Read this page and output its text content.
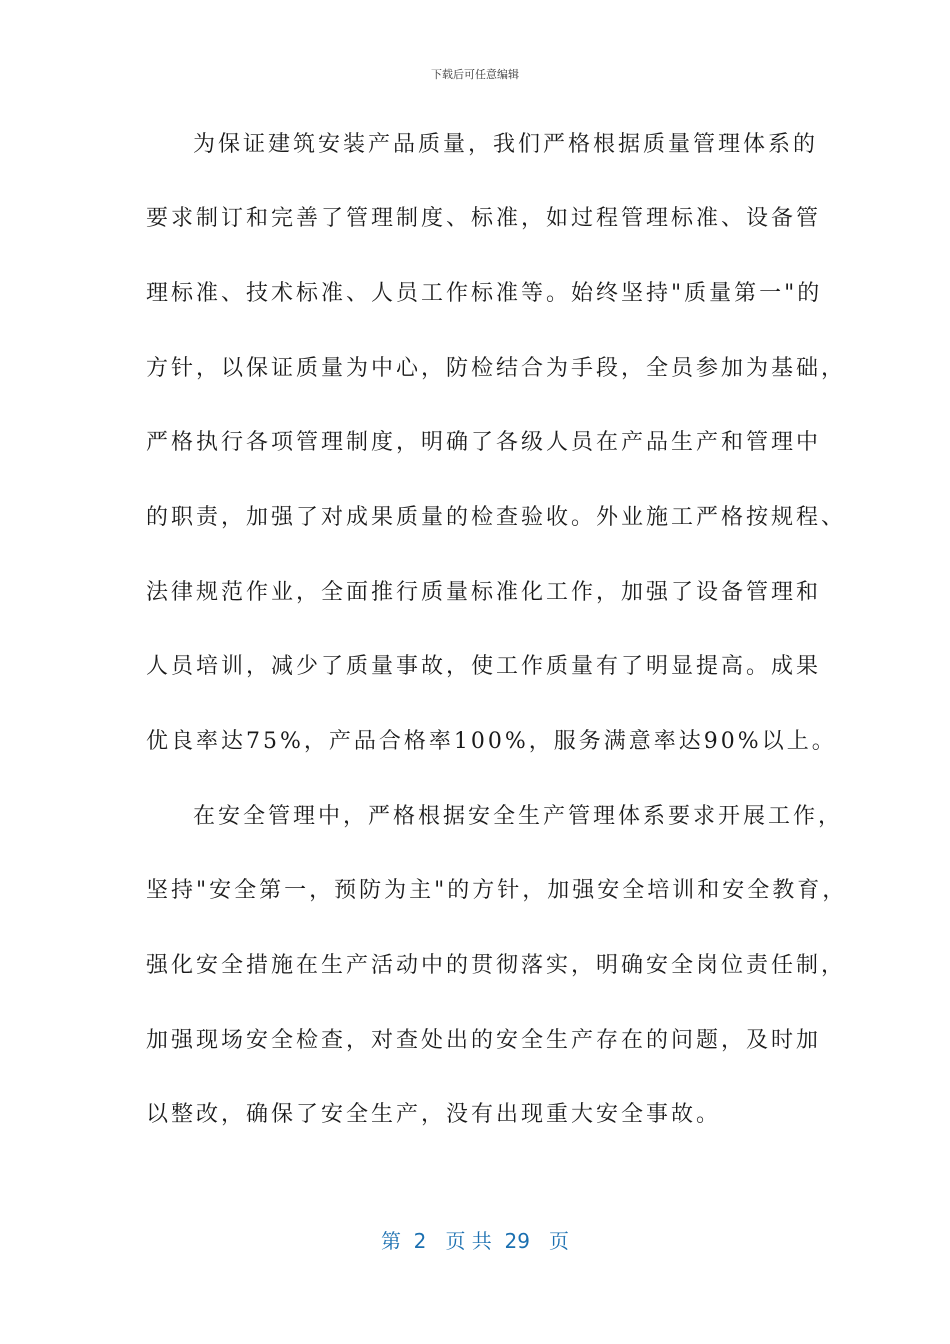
下载后可任意编辑
为保证建筑安装产品质量，我们严格根据质量管理体系的
要求制订和完善了管理制度、标准，如过程管理标准、设备管
理标准、技术标准、人员工作标准等。始终坚持"质量第一"的
方针，以保证质量为中心，防检结合为手段，全员参加为基础，
严格执行各项管理制度，明确了各级人员在产品生产和管理中
的职责，加强了对成果质量的检查验收。外业施工严格按规程、
法律规范作业，全面推行质量标准化工作，加强了设备管理和
人员培训，减少了质量事故，使工作质量有了明显提高。成果
优良率达75%，产品合格率100%，服务满意率达90%以上。
在安全管理中，严格根据安全生产管理体系要求开展工作，
坚持"安全第一，预防为主"的方针，加强安全培训和安全教育，
强化安全措施在生产活动中的贯彻落实，明确安全岗位责任制，
加强现场安全检查，对查处出的安全生产存在的问题，及时加
以整改，确保了安全生产，没有出现重大安全事故。
第  2   页 共  29   页
